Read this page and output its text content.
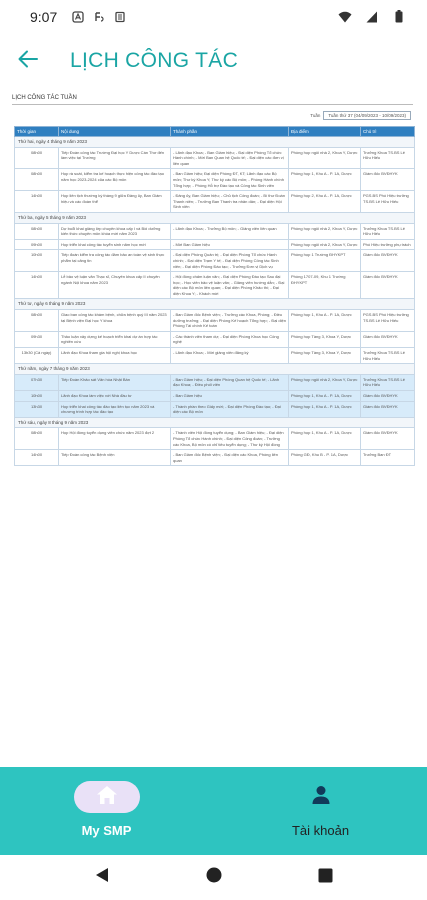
9:07
LỊCH CÔNG TÁC
LỊCH CÔNG TÁC TUẦN
Tuần	Tuần thứ 37 (04/09/2023 - 10/09/2023)
Thời gian	Nội dung	Thành phần	Địa điểm	Chủ trì
Thứ hai, ngày 4 tháng 9 năm 2023				
08h00	Tiếp Đoàn công tác Trường Đại học Y Dược Cần Thơ đến làm việc tại Trường	- Lãnh đạo Khoa; - Ban Giám hiệu; - Đại diện Phòng Tổ chức Hành chính; - Mời Ban Quan hệ Quốc tế; - Đại diện các đơn vị liên quan	Phòng họp ngôi nhà 2, Khoa Y, Dược	Trưởng Khoa TS.BS Lê Hữu Hiếu
08h00	Họp rà soát, kiểm tra kế hoạch thực hiện công tác đào tạo năm học 2023-2024 của các Bộ môn	- Ban Giám hiệu; Đại diện Phòng ĐT, KT; Lãnh đạo các Bộ môn; Thư ký Khoa Y; Thư ký các Bộ môn; - Phòng Hành chính Tổng hợp; - Phòng Hỗ trợ Đào tạo và Công tác Sinh viên	Phòng họp 1, Khu A - P. 1A, Dược	Giám đốc BVĐHYK
14h00	Họp liên tịch thường kỳ tháng 9 giữa Đảng ủy, Ban Giám hiệu và các đoàn thể	- Đảng ủy, Ban Giám hiệu; - Chủ tịch Công đoàn; - Bí thư Đoàn Thanh niên; - Trưởng Ban Thanh tra nhân dân; - Đại diện Hội Sinh viên	Phòng họp 2, Khu A - P. 1A, Dược	PGS.BS Phó Hiệu trưởng TS.BS Lê Hữu Hiếu
Thứ ba, ngày 5 tháng 9 năm 2023				
08h00	Dự buổi khai giảng lớp chuyên khoa cấp I và Bồi dưỡng kiến thức chuyên môn khóa mới năm 2023	- Lãnh đạo Khoa; - Trưởng Bộ môn; - Giảng viên liên quan	Phòng họp ngôi nhà 2, Khoa Y, Dược	Trưởng Khoa TS.BS Lê Hữu Hiếu
09h00	Họp triển khai công tác tuyển sinh năm học mới	- Mời Ban Giám hiệu	Phòng họp ngôi nhà 2, Khoa Y, Dược	Phó Hiệu trưởng phụ trách
10h00	Tiếp đoàn kiểm tra công tác đảm bảo an toàn vệ sinh thực phẩm tại căng tin	- Đại diện Phòng Quản trị; - Đại diện Phòng Tổ chức Hành chính; - Đại diện Trạm Y tế; - Đại diện Phòng Công tác Sinh viên; - Đại diện Phòng Đào tạo; - Trưởng Đơn vị Dịch vụ	Phòng họp 1 Trường ĐHYKPT	Giám đốc BVĐHYK
14h00	Lễ bảo vệ luận văn Thạc sĩ, Chuyên khoa cấp II chuyên ngành Nội khoa năm 2023	- Hội đồng chấm luận văn; - Đại diện Phòng Đào tạo Sau đại học; - Học viên bảo vệ luận văn; - Giảng viên hướng dẫn; - Đại diện các Bộ môn liên quan; - Đại diện Phòng Khảo thí; - Đại diện Khoa Y; - Khách mời	Phòng 1707-09, Khu 1 Trường ĐHYKPT	Giám đốc BVĐHYK
Thứ tư, ngày 6 tháng 9 năm 2023				
08h00	Giao ban công tác khám bệnh, chữa bệnh quý III năm 2023 tại Bệnh viện Đại học Y khoa	- Ban Giám đốc Bệnh viện; - Trưởng các Khoa, Phòng; - Điều dưỡng trưởng; - Đại diện Phòng Kế hoạch Tổng hợp; - Đại diện Phòng Tài chính Kế toán	Phòng họp 1, Khu A - P. 1A, Dược	PGS.BS Phó Hiệu trưởng TS.BS Lê Hữu Hiếu
09h30	Thảo luận xây dựng kế hoạch triển khai dự án hợp tác nghiên cứu	- Các thành viên tham dự; - Đại diện Phòng Khoa học Công nghệ	Phòng họp Tầng 3, Khoa Y, Dược	Giám đốc BVĐHYK
13h30 (Cả ngày)	Lãnh đạo Khoa tham gia hội nghị khoa học	- Lãnh đạo Khoa; - Mời giảng viên đăng ký	Phòng họp Tầng 3, Khoa Y, Dược	Trưởng Khoa TS.BS Lê Hữu Hiếu
Thứ năm, ngày 7 tháng 9 năm 2023				
07h30	Tiếp Đoàn Khảo sát Văn hóa Nhật Bản	- Ban Giám hiệu; - Đại diện Phòng Quan hệ Quốc tế; - Lãnh đạo Khoa; - Điều phối viên	Phòng họp ngôi nhà 2, Khoa Y, Dược	Trưởng Khoa TS.BS Lê Hữu Hiếu
10h00	Lãnh đạo Khoa làm việc với Nhà đầu tư	- Ban Giám hiệu	Phòng họp 1, Khu A - P. 1A, Dược	Giám đốc BVĐHYK
13h30	Họp triển khai công tác đào tạo liên tục năm 2023 và chương trình hợp tác đào tạo	- Thành phần theo Giấy mời; - Đại diện Phòng Đào tạo; - Đại diện các Bộ môn	Phòng họp 1, Khu A - P. 1A, Dược	Giám đốc BVĐHYK
Thứ sáu, ngày 8 tháng 9 năm 2023				
08h00	Họp Hội đồng tuyển dụng viên chức năm 2023 đợt 2	- Thành viên Hội đồng tuyển dụng; - Ban Giám hiệu; - Đại diện Phòng Tổ chức Hành chính; - Đại diện Công đoàn; - Trưởng các Khoa, Bộ môn có chỉ tiêu tuyển dụng; - Thư ký Hội đồng	Phòng họp 1, Khu A - P. 1A, Dược	Giám đốc BVĐHYK
14h00	Tiếp Đoàn công tác Bệnh viện	- Ban Giám đốc Bệnh viện; - Đại diện các Khoa, Phòng liên quan	Phòng GĐ, Khu B - P. 1A, Dược	Trưởng Ban ĐT
My SMP	Tài khoản
